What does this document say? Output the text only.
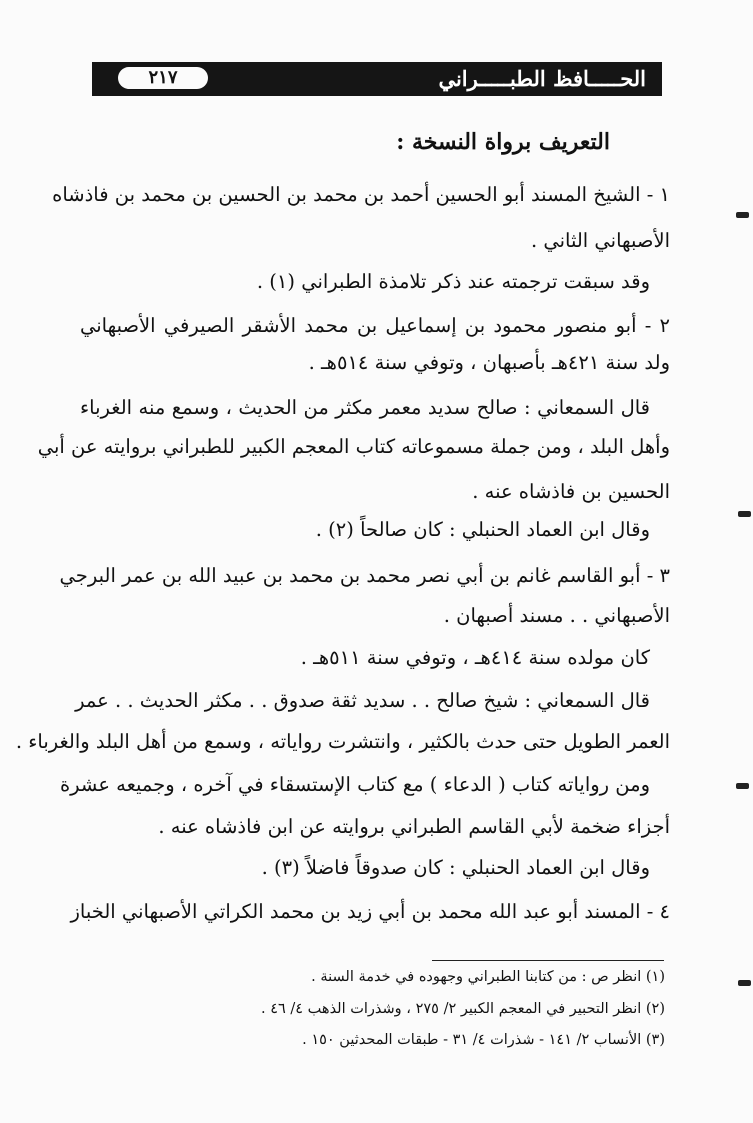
الحـــــافظ الطبـــــراني
٢١٧
التعريف برواة النسخة :
١ - الشيخ المسند أبو الحسين أحمد بن محمد بن الحسين بن محمد بن فاذشاه
الأصبهاني الثاني .
وقد سبقت ترجمته عند ذكر تلامذة الطبراني (١) .
٢ - أبو منصور محمود بن إسماعيل بن محمد الأشقر الصيرفي الأصبهاني
ولد سنة ٤٢١هـ بأصبهان ، وتوفي سنة ٥١٤هـ .
قال السمعاني : صالح سديد معمر مكثر من الحديث ، وسمع منه الغرباء
وأهل البلد ، ومن جملة مسموعاته كتاب المعجم الكبير للطبراني بروايته عن أبي
الحسين بن فاذشاه عنه .
وقال ابن العماد الحنبلي : كان صالحاً (٢) .
٣ - أبو القاسم غانم بن أبي نصر محمد بن محمد بن عبيد الله بن عمر البرجي
الأصبهاني . . مسند أصبهان .
كان مولده سنة ٤١٤هـ ، وتوفي سنة ٥١١هـ .
قال السمعاني : شيخ صالح . . سديد ثقة صدوق . . مكثر الحديث . . عمر
العمر الطويل حتى حدث بالكثير ، وانتشرت رواياته ، وسمع من أهل البلد والغرباء .
ومن رواياته كتاب ( الدعاء ) مع كتاب الإستسقاء في آخره ، وجميعه عشرة
أجزاء ضخمة لأبي القاسم الطبراني بروايته عن ابن فاذشاه عنه .
وقال ابن العماد الحنبلي : كان صدوقاً فاضلاً (٣) .
٤ - المسند أبو عبد الله محمد بن أبي زيد بن محمد الكراتي الأصبهاني الخباز
(١) انظر ص : من كتابنا الطبراني وجهوده في خدمة السنة .
(٢) انظر التحبير في المعجم الكبير ٢/ ٢٧٥ ، وشذرات الذهب ٤/ ٤٦ .
(٣) الأنساب ٢/ ١٤١ - شذرات ٤/ ٣١ - طبقات المحدثين ١٥٠ .
